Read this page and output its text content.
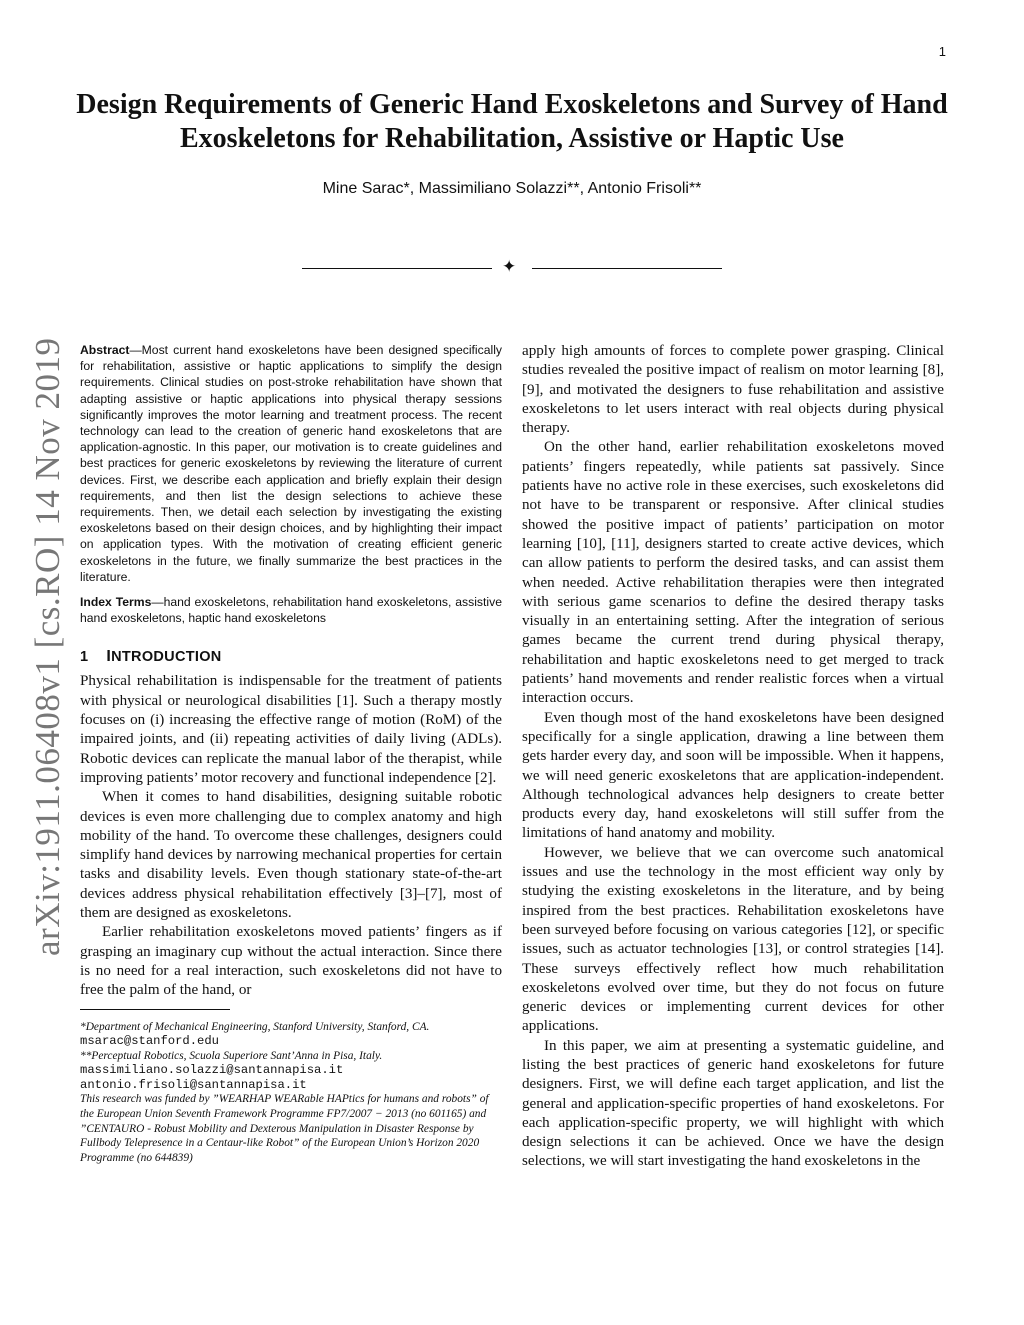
1
Design Requirements of Generic Hand Exoskeletons and Survey of Hand Exoskeletons for Rehabilitation, Assistive or Haptic Use
Mine Sarac*, Massimiliano Solazzi**, Antonio Frisoli**
✦
arXiv:1911.06408v1 [cs.RO] 14 Nov 2019 Abstract—Most current hand exoskeletons have been designed specifically for rehabilitation, assistive or haptic applications to simplify the design requirements. Clinical studies on post-stroke rehabilitation have shown that adapting assistive or haptic applications into physical therapy sessions significantly improves the motor learning and treatment process. The recent technology can lead to the creation of generic hand exoskeletons that are application-agnostic. In this paper, our motivation is to create guidelines and best practices for generic exoskeletons by reviewing the literature of current devices. First, we describe each application and briefly explain their design requirements, and then list the design selections to achieve these requirements. Then, we detail each selection by investigating the existing exoskeletons based on their design choices, and by highlighting their impact on application types. With the motivation of creating efficient generic exoskeletons in the future, we finally summarize the best practices in the literature.

Index Terms—hand exoskeletons, rehabilitation hand exoskeletons, assistive hand exoskeletons, haptic hand exoskeletons

1 INTRODUCTION

Physical rehabilitation is indispensable for the treatment of patients with physical or neurological disabilities [1]. Such a therapy mostly focuses on (i) increasing the effective range of motion (RoM) of the impaired joints, and (ii) repeating activities of daily living (ADLs). Robotic devices can replicate the manual labor of the therapist, while improving patients’ motor recovery and functional independence [2].

When it comes to hand disabilities, designing suitable robotic devices is even more challenging due to complex anatomy and high mobility of the hand. To overcome these challenges, designers could simplify hand devices by narrowing mechanical properties for certain tasks and disability levels. Even though stationary state-of-the-art devices address physical rehabilitation effectively [3]–[7], most of them are designed as exoskeletons.

Earlier rehabilitation exoskeletons moved patients’ fingers as if grasping an imaginary cup without the actual interaction. Since there is no need for a real interaction, such exoskeletons did not have to free the palm of the hand, or

*Department of Mechanical Engineering, Stanford University, Stanford, CA.
msarac@stanford.edu

**Perceptual Robotics, Scuola Superiore Sant’Anna in Pisa, Italy.
massimiliano.solazzi@santannapisa.it
antonio.frisoli@santannapisa.it

This research was funded by ”WEARHAP WEARable HAPtics for humans and robots” of the European Union Seventh Framework Programme FP7/2007 − 2013 (no 601165) and ”CENTAURO - Robust Mobility and Dexterous Manipulation in Disaster Response by Fullbody Telepresence in a Centaur-like Robot” of the European Union’s Horizon 2020 Programme (no 644839)

apply high amounts of forces to complete power grasping. Clinical studies revealed the positive impact of realism on motor learning [8], [9], and motivated the designers to fuse rehabilitation and assistive exoskeletons to let users interact with real objects during physical therapy.

On the other hand, earlier rehabilitation exoskeletons moved patients’ fingers repeatedly, while patients sat passively. Since patients have no active role in these exercises, such exoskeletons did not have to be transparent or responsive. After clinical studies showed the positive impact of patients’ participation on motor learning [10], [11], designers started to create active devices, which can allow patients to perform the desired tasks, and can assist them when needed. Active rehabilitation therapies were then integrated with serious game scenarios to define the desired therapy tasks visually in an entertaining setting. After the integration of serious games became the current trend during physical therapy, rehabilitation and haptic exoskeletons need to get merged to track patients’ hand movements and render realistic forces when a virtual interaction occurs.

Even though most of the hand exoskeletons have been designed specifically for a single application, drawing a line between them gets harder every day, and soon will be impossible. When it happens, we will need generic exoskeletons that are application-independent. Although technological advances help designers to create better products every day, hand exoskeletons will still suffer from the limitations of hand anatomy and mobility.

However, we believe that we can overcome such anatomical issues and use the technology in the most efficient way only by studying the existing exoskeletons in the literature, and by being inspired from the best practices. Rehabilitation exoskeletons have been surveyed before focusing on various categories [12], or specific issues, such as actuator technologies [13], or control strategies [14]. These surveys effectively reflect how much rehabilitation exoskeletons evolved over time, but they do not focus on future generic devices or implementing current devices for other applications.

In this paper, we aim at presenting a systematic guideline, and listing the best practices of generic hand exoskeletons for future designers. First, we will define each target application, and list the general and application-specific properties of hand exoskeletons. For each application-specific property, we will highlight with which design selections it can be achieved. Once we have the design selections, we will start investigating the hand exoskeletons in the
